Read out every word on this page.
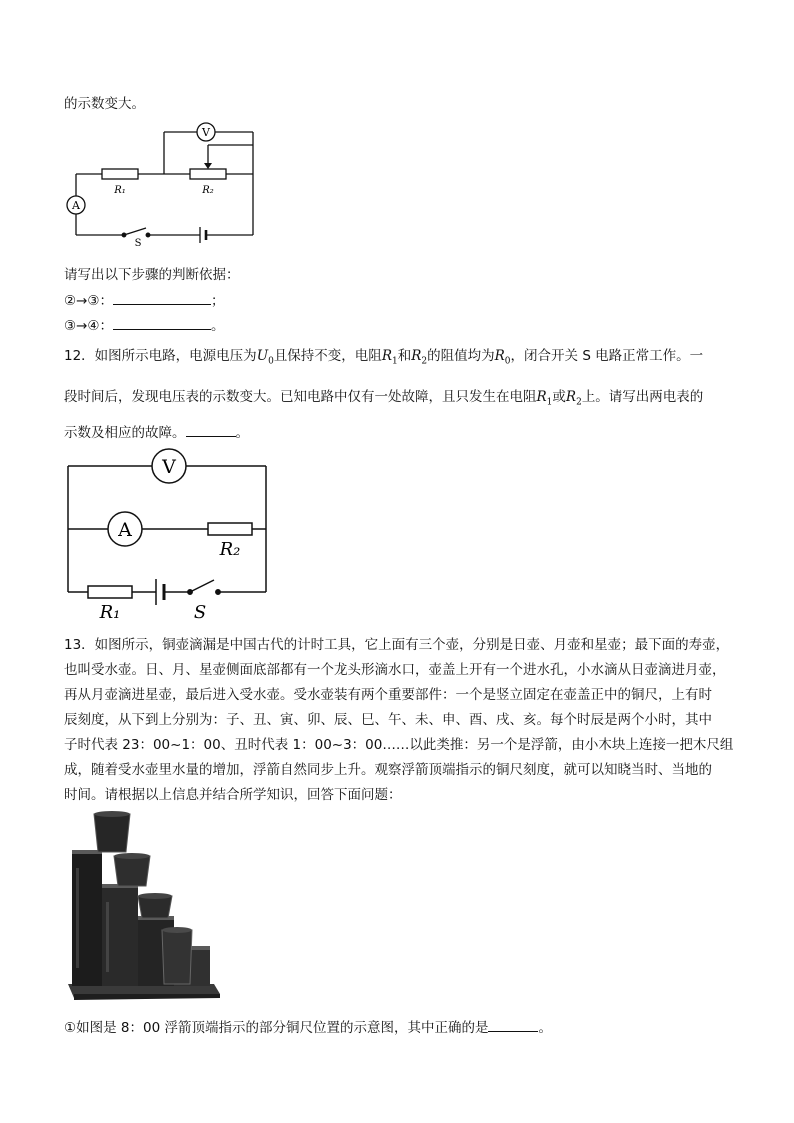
的示数变大。
V
A
R₁	R₂
S
请写出以下步骤的判断依据：
②→③：	；
③→④：	。
12．如图所示电路，电源电压为$U_0$且保持不变，电阻$R_1$和$R_2$的阻值均为$R_0$，闭合开关 S 电路正常工作。一
段时间后，发现电压表的示数变大。已知电路中仅有一处故障，且只发生在电阻$R_1$或$R_2$上。请写出两电表的
示数及相应的故障。	。
V
A
R₂
R₁	S
13．如图所示，铜壶滴漏是中国古代的计时工具，它上面有三个壶，分别是日壶、月壶和星壶；最下面的寿壶，
也叫受水壶。日、月、星壶侧面底部都有一个龙头形滴水口，壶盖上开有一个进水孔，小水滴从日壶滴进月壶，
再从月壶滴进星壶，最后进入受水壶。受水壶装有两个重要部件：一个是竖立固定在壶盖正中的铜尺，上有时
辰刻度，从下到上分别为：子、丑、寅、卯、辰、巳、午、未、申、酉、戌、亥。每个时辰是两个小时，其中
子时代表 23：00~1：00、丑时代表 1：00~3：00……以此类推：另一个是浮箭，由小木块上连接一把木尺组
成，随着受水壶里水量的增加，浮箭自然同步上升。观察浮箭顶端指示的铜尺刻度，就可以知晓当时、当地的
时间。请根据以上信息并结合所学知识，回答下面问题：
①如图是 8：00 浮箭顶端指示的部分铜尺位置的示意图，其中正确的是	。
